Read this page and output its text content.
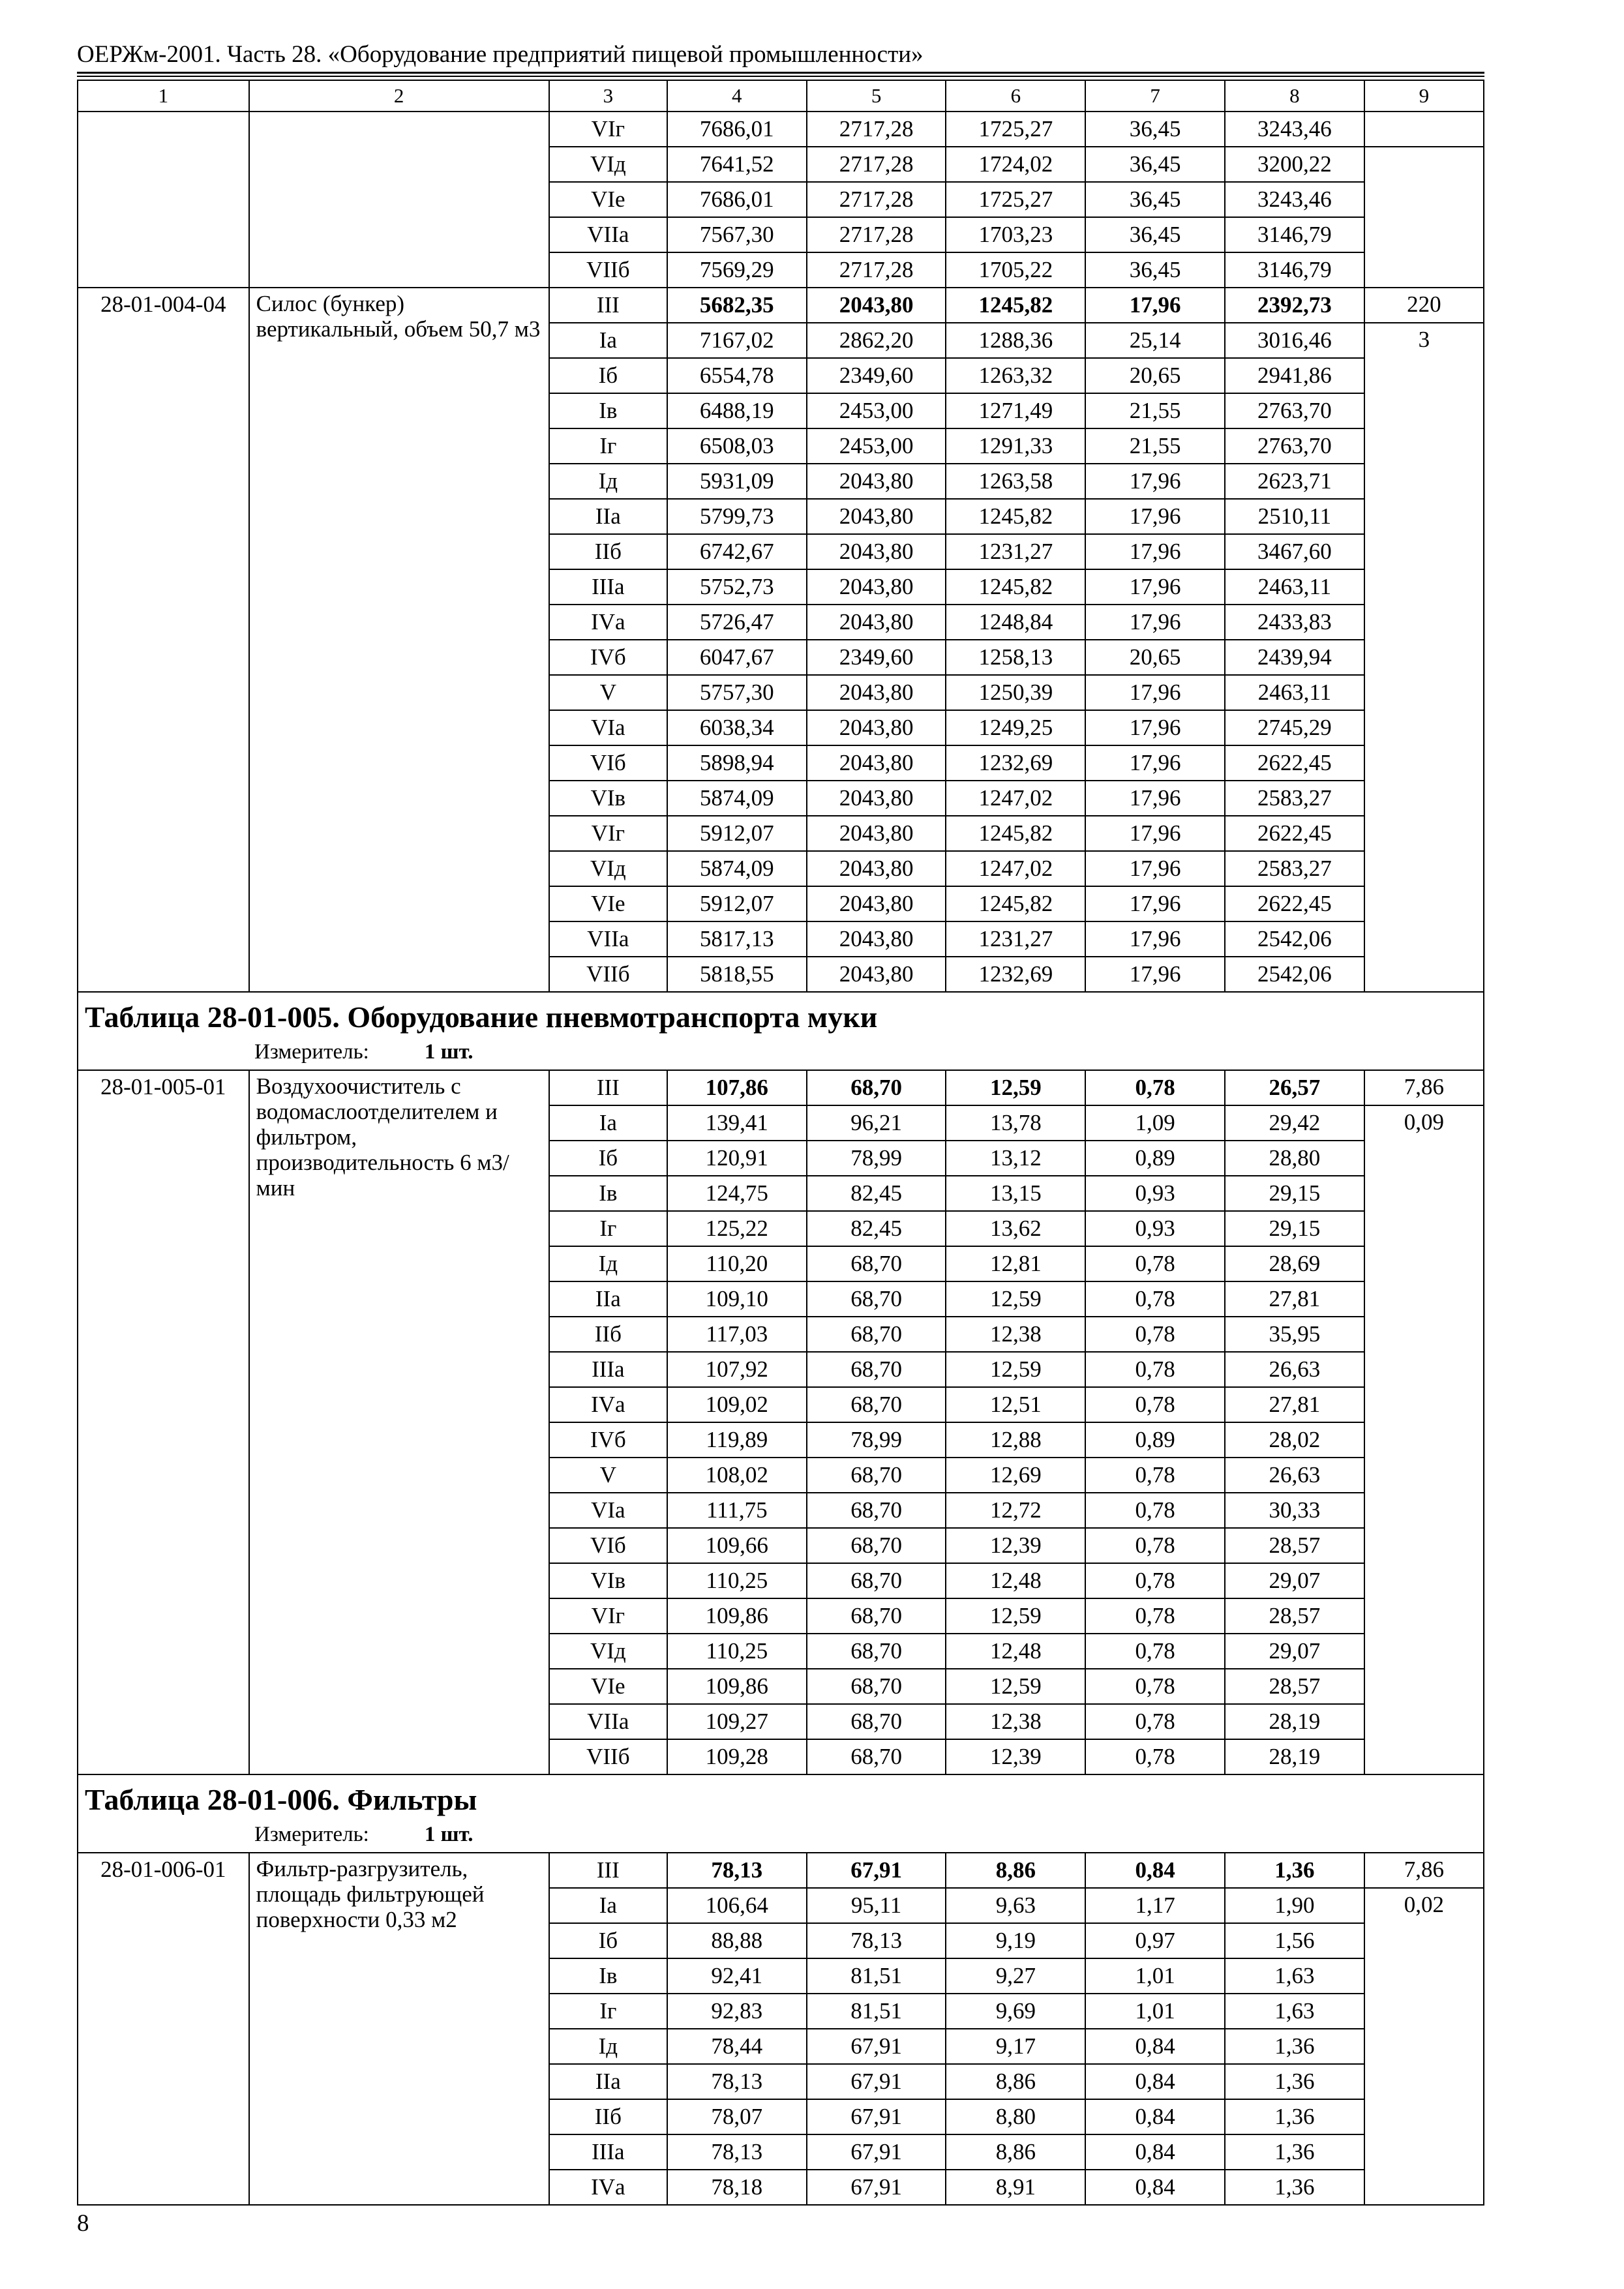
ОЕРЖм-2001. Часть 28. «Оборудование предприятий пищевой промышленности»
1	2	3	4	5	6	7	8	9
		VIг	7686,01	2717,28	1725,27	36,45	3243,46	
		VIд	7641,52	2717,28	1724,02	36,45	3200,22	
		VIе	7686,01	2717,28	1725,27	36,45	3243,46	
		VIIа	7567,30	2717,28	1703,23	36,45	3146,79	
		VIIб	7569,29	2717,28	1705,22	36,45	3146,79	
28-01-004-04	Силос (бункер) вертикальный, объем 50,7 м3	III	5682,35	2043,80	1245,82	17,96	2392,73	220
		Iа	7167,02	2862,20	1288,36	25,14	3016,46	3
		Iб	6554,78	2349,60	1263,32	20,65	2941,86	
		Iв	6488,19	2453,00	1271,49	21,55	2763,70	
		Iг	6508,03	2453,00	1291,33	21,55	2763,70	
		Iд	5931,09	2043,80	1263,58	17,96	2623,71	
		IIа	5799,73	2043,80	1245,82	17,96	2510,11	
		IIб	6742,67	2043,80	1231,27	17,96	3467,60	
		IIIа	5752,73	2043,80	1245,82	17,96	2463,11	
		IVа	5726,47	2043,80	1248,84	17,96	2433,83	
		IVб	6047,67	2349,60	1258,13	20,65	2439,94	
		V	5757,30	2043,80	1250,39	17,96	2463,11	
		VIа	6038,34	2043,80	1249,25	17,96	2745,29	
		VIб	5898,94	2043,80	1232,69	17,96	2622,45	
		VIв	5874,09	2043,80	1247,02	17,96	2583,27	
		VIг	5912,07	2043,80	1245,82	17,96	2622,45	
		VIд	5874,09	2043,80	1247,02	17,96	2583,27	
		VIе	5912,07	2043,80	1245,82	17,96	2622,45	
		VIIа	5817,13	2043,80	1231,27	17,96	2542,06	
		VIIб	5818,55	2043,80	1232,69	17,96	2542,06	

Таблица 28-01-005. Оборудование пневмотранспорта муки
Измеритель: 1 шт.								

28-01-005-01	Воздухоочиститель с водомаслоотделителем и фильтром, производительность 6 м3/мин	III	107,86	68,70	12,59	0,78	26,57	7,86
		Iа	139,41	96,21	13,78	1,09	29,42	0,09
		Iб	120,91	78,99	13,12	0,89	28,80	
		Iв	124,75	82,45	13,15	0,93	29,15	
		Iг	125,22	82,45	13,62	0,93	29,15	
		Iд	110,20	68,70	12,81	0,78	28,69	
		IIа	109,10	68,70	12,59	0,78	27,81	
		IIб	117,03	68,70	12,38	0,78	35,95	
		IIIа	107,92	68,70	12,59	0,78	26,63	
		IVа	109,02	68,70	12,51	0,78	27,81	
		IVб	119,89	78,99	12,88	0,89	28,02	
		V	108,02	68,70	12,69	0,78	26,63	
		VIа	111,75	68,70	12,72	0,78	30,33	
		VIб	109,66	68,70	12,39	0,78	28,57	
		VIв	110,25	68,70	12,48	0,78	29,07	
		VIг	109,86	68,70	12,59	0,78	28,57	
		VIд	110,25	68,70	12,48	0,78	29,07	
		VIе	109,86	68,70	12,59	0,78	28,57	
		VIIа	109,27	68,70	12,38	0,78	28,19	
		VIIб	109,28	68,70	12,39	0,78	28,19	

Таблица 28-01-006. Фильтры
Измеритель: 1 шт.								

28-01-006-01	Фильтр-разгрузитель, площадь фильтрующей поверхности 0,33 м2	III	78,13	67,91	8,86	0,84	1,36	7,86
		Iа	106,64	95,11	9,63	1,17	1,90	0,02
		Iб	88,88	78,13	9,19	0,97	1,56	
		Iв	92,41	81,51	9,27	1,01	1,63	
		Iг	92,83	81,51	9,69	1,01	1,63	
		Iд	78,44	67,91	9,17	0,84	1,36	
		IIа	78,13	67,91	8,86	0,84	1,36	
		IIб	78,07	67,91	8,80	0,84	1,36	
		IIIа	78,13	67,91	8,86	0,84	1,36	
		IVа	78,18	67,91	8,91	0,84	1,36	
8
